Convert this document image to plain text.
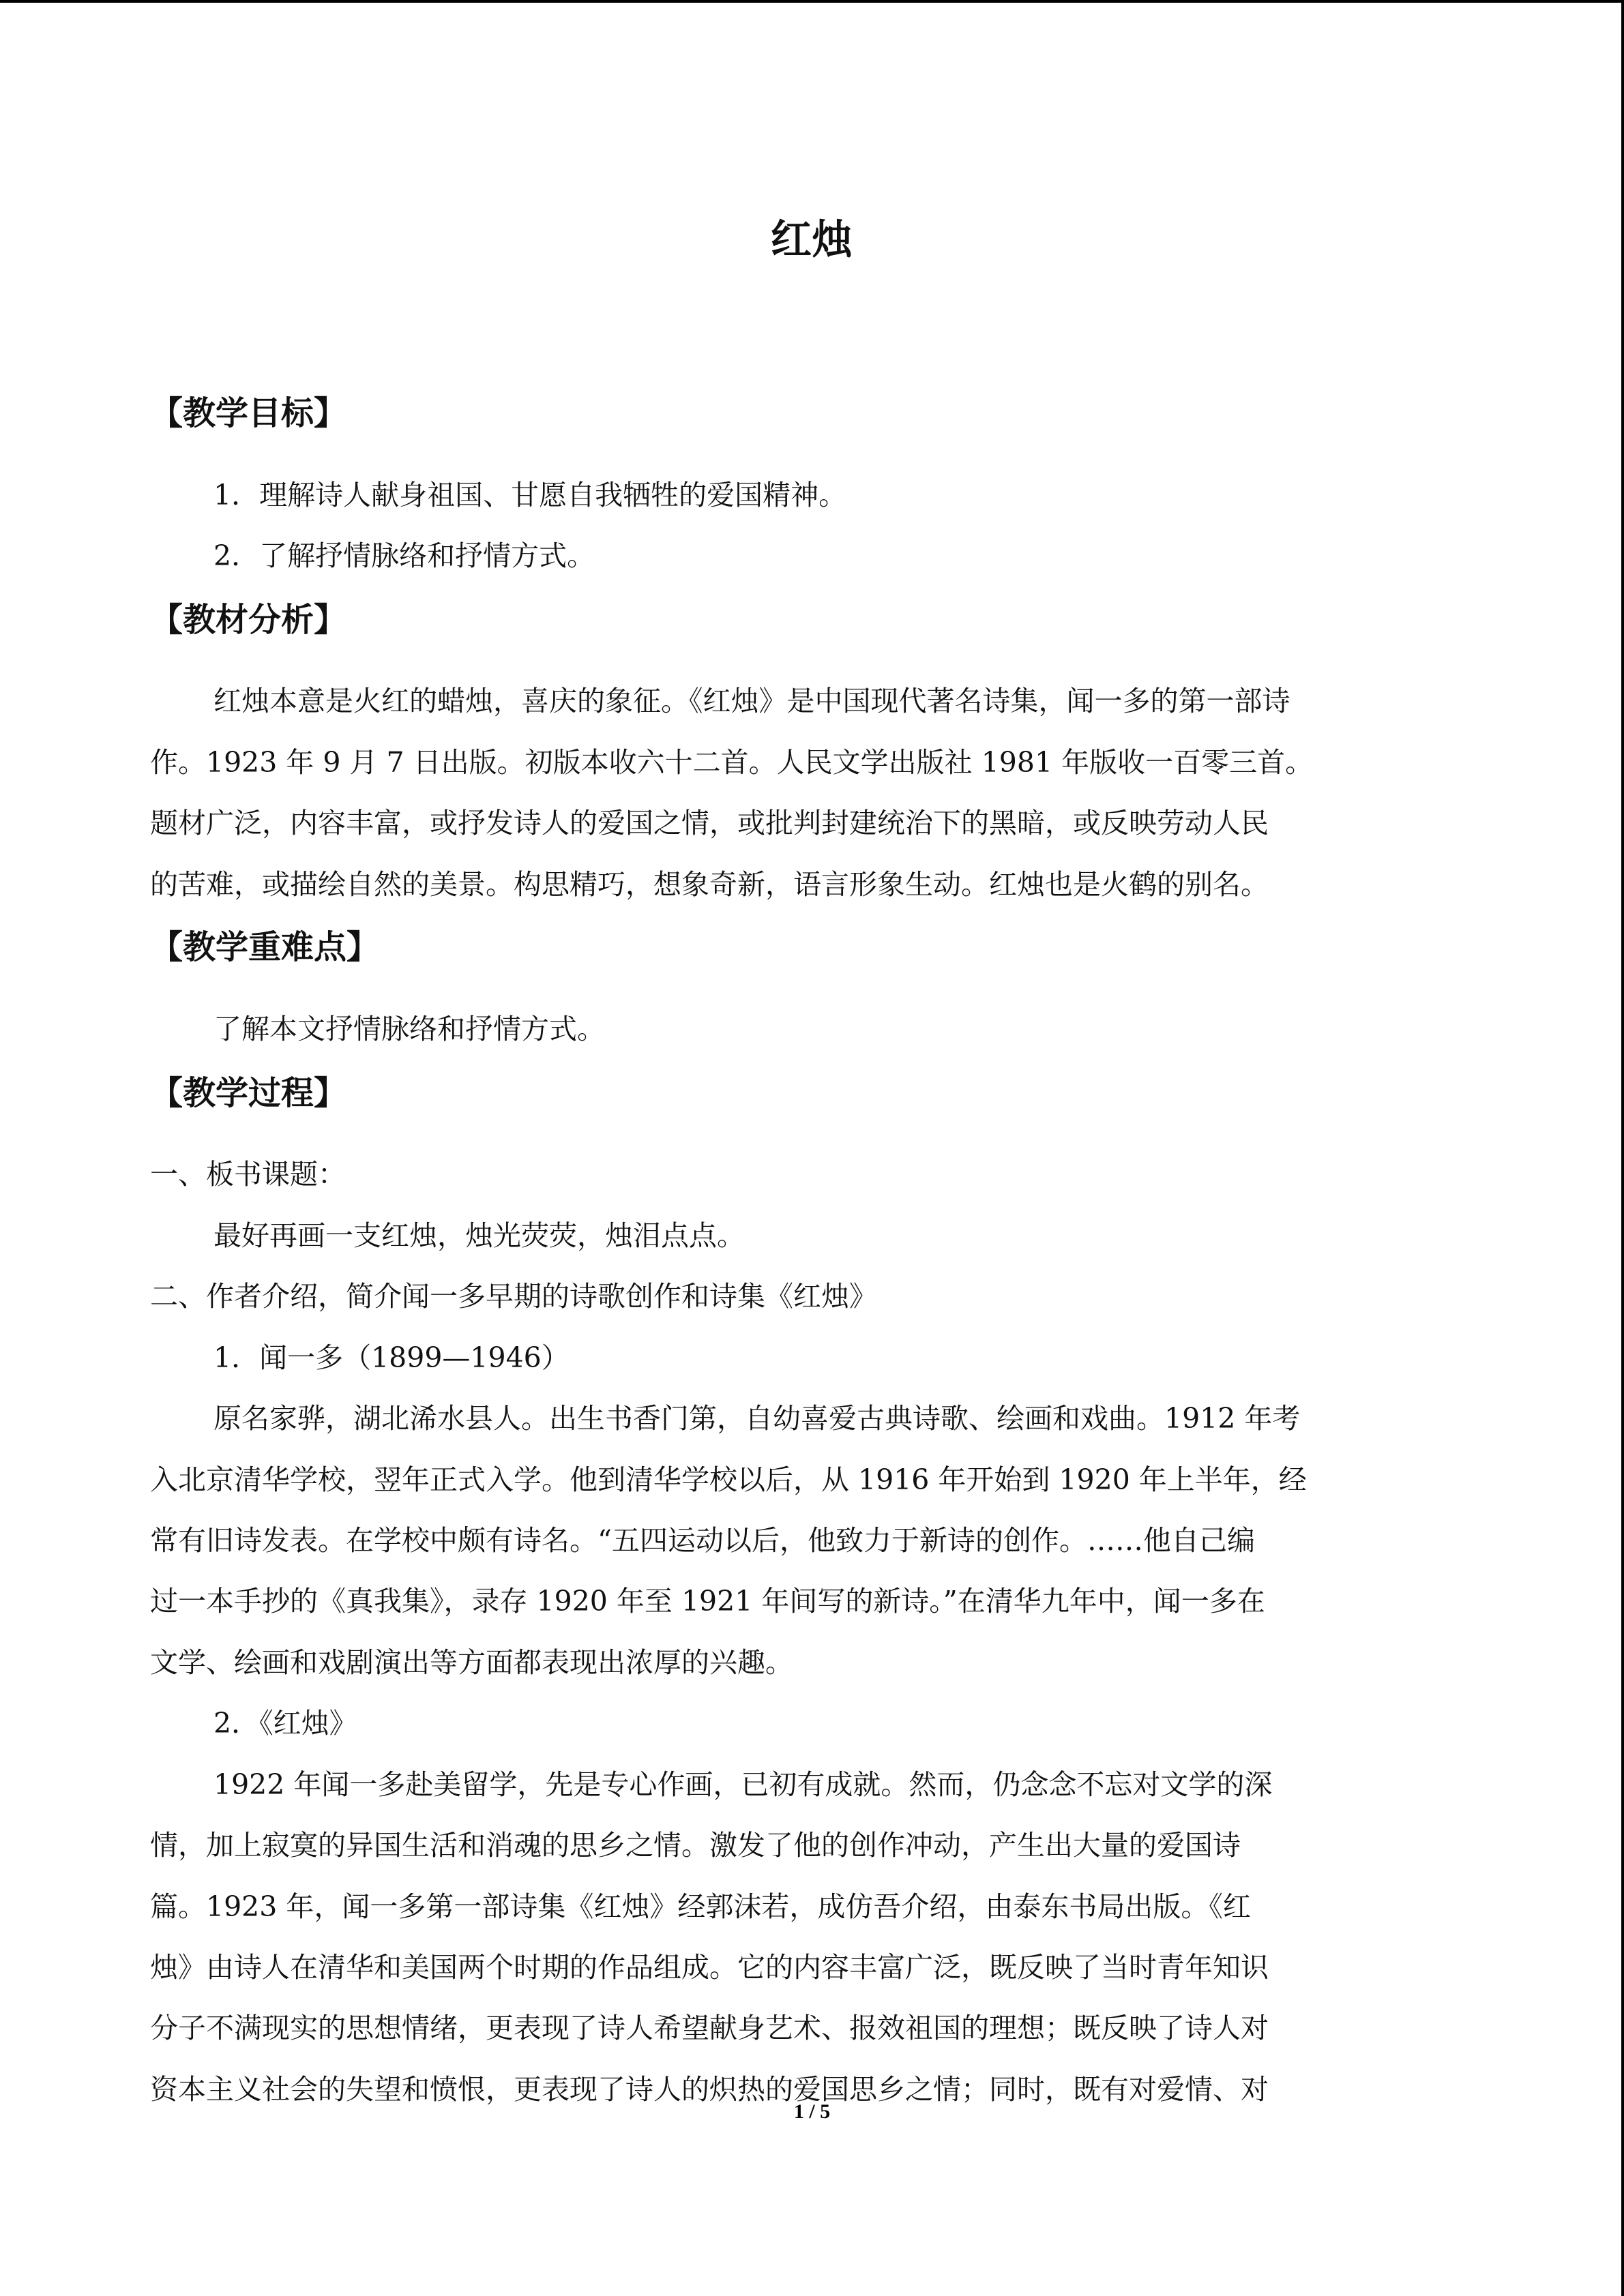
红烛
【教学目标】
1．理解诗人献身祖国、甘愿自我牺牲的爱国精神。
2．了解抒情脉络和抒情方式。
【教材分析】
红烛本意是火红的蜡烛，喜庆的象征。《红烛》是中国现代著名诗集，闻一多的第一部诗
作。1923 年 9 月 7 日出版。初版本收六十二首。人民文学出版社 1981 年版收一百零三首。
题材广泛，内容丰富，或抒发诗人的爱国之情，或批判封建统治下的黑暗，或反映劳动人民
的苦难，或描绘自然的美景。构思精巧，想象奇新，语言形象生动。红烛也是火鹤的别名。
【教学重难点】
了解本文抒情脉络和抒情方式。
【教学过程】
一、板书课题：
最好再画一支红烛，烛光荧荧，烛泪点点。
二、作者介绍，简介闻一多早期的诗歌创作和诗集《红烛》
1．闻一多（1899—1946）
原名家骅，湖北浠水县人。出生书香门第，自幼喜爱古典诗歌、绘画和戏曲。1912 年考
入北京清华学校，翌年正式入学。他到清华学校以后，从 1916 年开始到 1920 年上半年，经
常有旧诗发表。在学校中颇有诗名。“五四运动以后，他致力于新诗的创作。……他自己编
过一本手抄的《真我集》，录存 1920 年至 1921 年间写的新诗。”在清华九年中，闻一多在
文学、绘画和戏剧演出等方面都表现出浓厚的兴趣。
2．《红烛》
1922 年闻一多赴美留学，先是专心作画，已初有成就。然而，仍念念不忘对文学的深
情，加上寂寞的异国生活和消魂的思乡之情。激发了他的创作冲动，产生出大量的爱国诗
篇。1923 年，闻一多第一部诗集《红烛》经郭沫若，成仿吾介绍，由泰东书局出版。《红
烛》由诗人在清华和美国两个时期的作品组成。它的内容丰富广泛，既反映了当时青年知识
分子不满现实的思想情绪，更表现了诗人希望献身艺术、报效祖国的理想；既反映了诗人对
资本主义社会的失望和愤恨，更表现了诗人的炽热的爱国思乡之情；同时，既有对爱情、对
1 / 5
